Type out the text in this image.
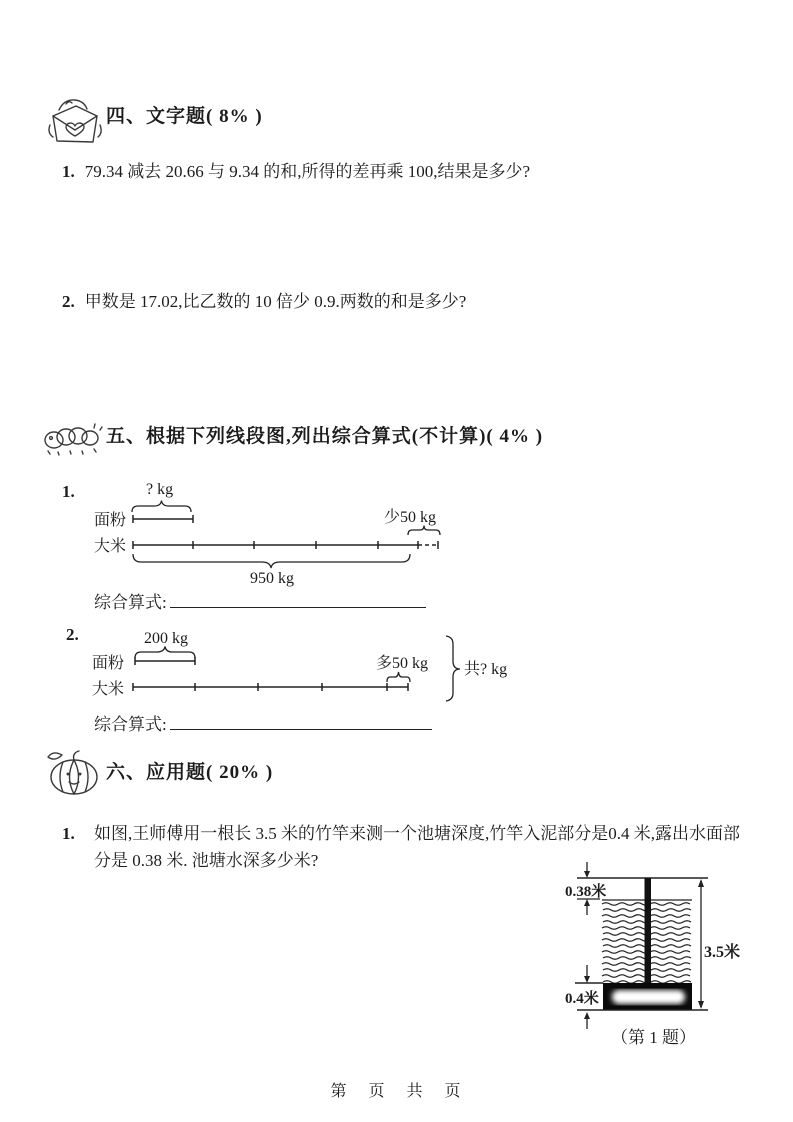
四、文字题( 8% )
1. 79.34 减去 20.66 与 9.34 的和,所得的差再乘 100,结果是多少?
2. 甲数是 17.02,比乙数的 10 倍少 0.9.两数的和是多少?
五、根据下列线段图,列出综合算式(不计算)( 4% )
1.	? kg
面粉	少50 kg
大米
950 kg
综合算式:
2.	200 kg
面粉	多50 kg
大米
共? kg
综合算式:
六、应用题( 20% )
1. 如图,王师傅用一根长 3.5 米的竹竿来测一个池塘深度,竹竿入泥部分是0.4 米,露出水面部分是 0.38 米. 池塘水深多少米?
0.38米
0.4米
3.5米
（第 1 题）
第 页 共 页
